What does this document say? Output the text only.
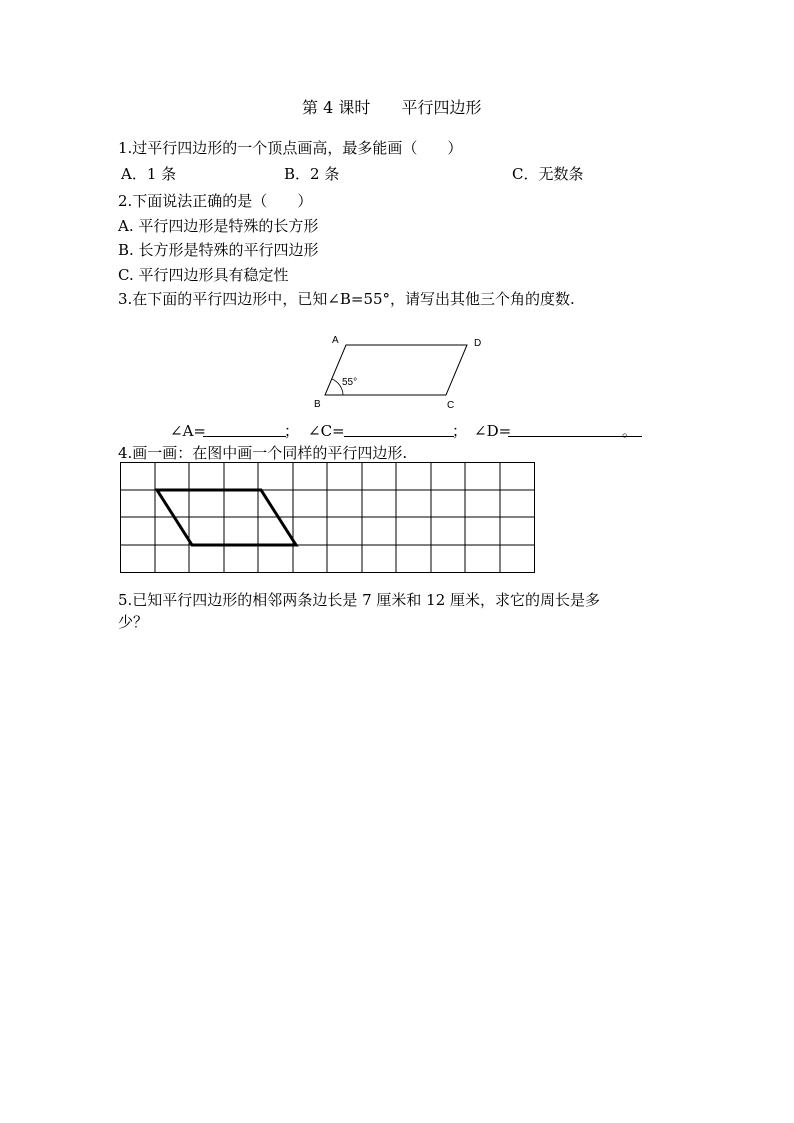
第 4 课时 平行四边形
1.过平行四边形的一个顶点画高，最多能画（　　）
A．1 条	B．2 条	C．无数条
2.下面说法正确的是（　　）
A. 平行四边形是特殊的长方形
B. 长方形是特殊的平行四边形
C. 平行四边形具有稳定性
3.在下面的平行四边形中，已知∠B=55°，请写出其他三个角的度数.
A
B	C
D
55°
∠A=	； ∠C=	； ∠D=	。
4.画一画：在图中画一个同样的平行四边形.
5.已知平行四边形的相邻两条边长是 7 厘米和 12 厘米，求它的周长是多
少？
